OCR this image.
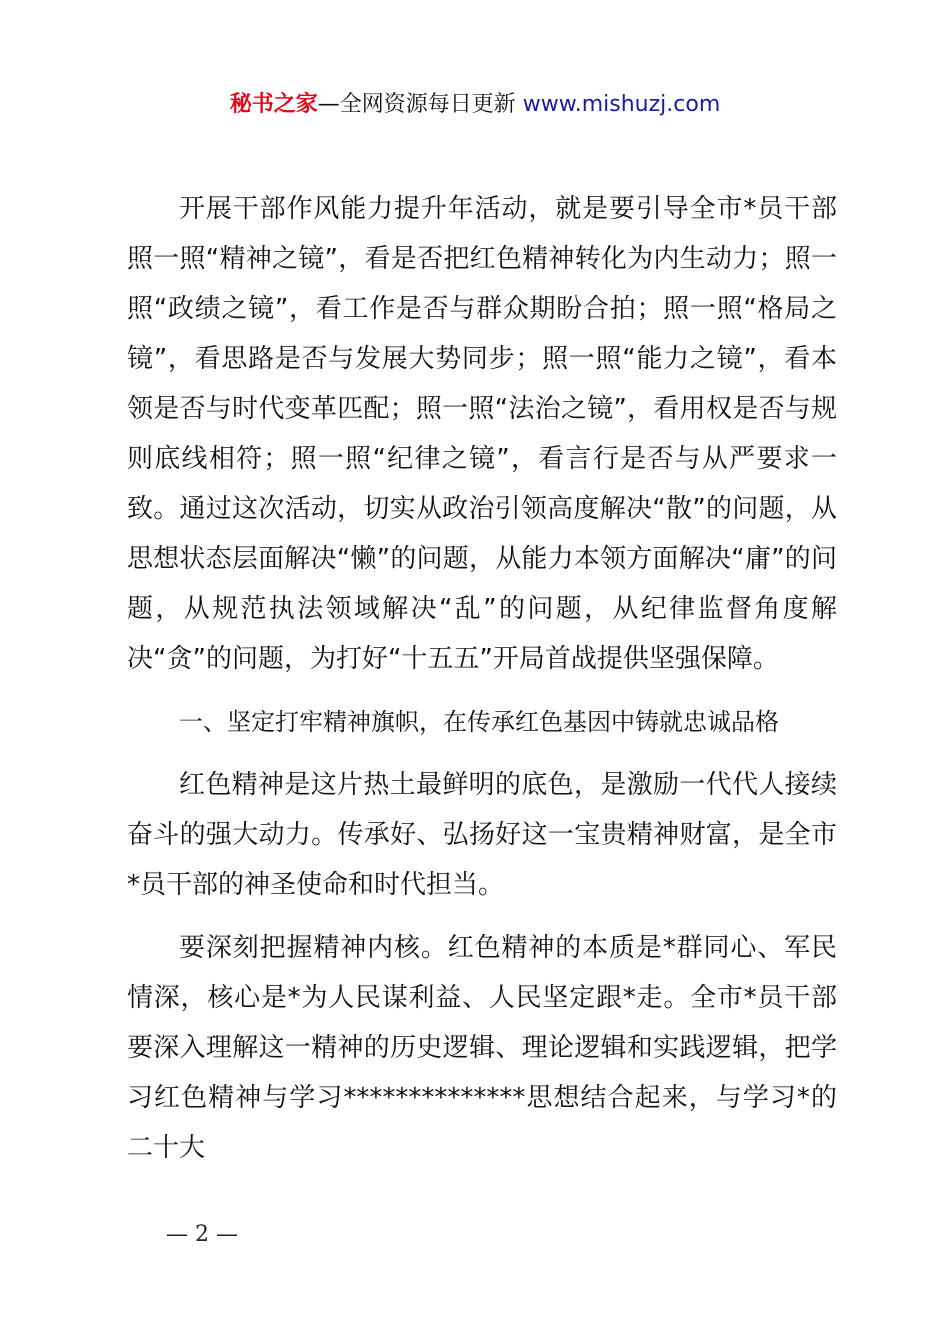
秘书之家—全网资源每日更新 www.mishuzj.com

开展干部作风能力提升年活动，就是要引导全市*员干部照一照“精神之镜”，看是否把红色精神转化为内生动力；照一照“政绩之镜”，看工作是否与群众期盼合拍；照一照“格局之镜”，看思路是否与发展大势同步；照一照“能力之镜”，看本领是否与时代变革匹配；照一照“法治之镜”，看用权是否与规则底线相符；照一照“纪律之镜”，看言行是否与从严要求一致。通过这次活动，切实从政治引领高度解决“散”的问题，从思想状态层面解决“懒”的问题，从能力本领方面解决“庸”的问题，从规范执法领域解决“乱”的问题，从纪律监督角度解决“贪”的问题，为打好“十五五”开局首战提供坚强保障。

一、坚定打牢精神旗帜，在传承红色基因中铸就忠诚品格

红色精神是这片热土最鲜明的底色，是激励一代代人接续奋斗的强大动力。传承好、弘扬好这一宝贵精神财富，是全市*员干部的神圣使命和时代担当。

要深刻把握精神内核。红色精神的本质是*群同心、军民情深，核心是*为人民谋利益、人民坚定跟*走。全市*员干部要深入理解这一精神的历史逻辑、理论逻辑和实践逻辑，把学习红色精神与学习**************思想结合起来，与学习*的二十大

— 2 —
